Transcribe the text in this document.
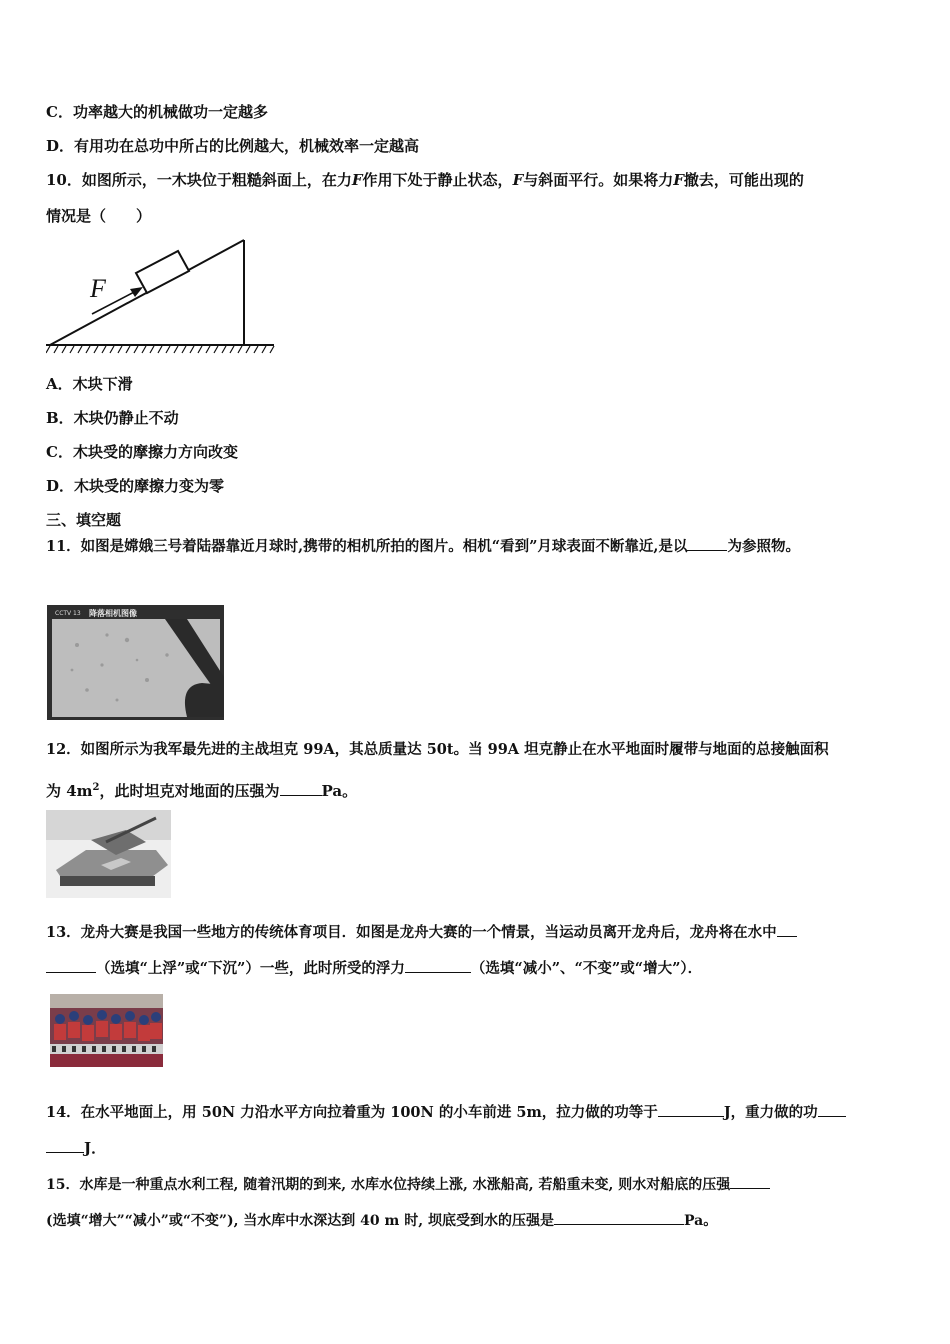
C．功率越大的机械做功一定越多
D．有用功在总功中所占的比例越大，机械效率一定越高
10．如图所示，一木块位于粗糙斜面上，在力F作用下处于静止状态，F与斜面平行。如果将力F撤去，可能出现的
情况是（　　）
F
A．木块下滑
B．木块仍静止不动
C．木块受的摩擦力方向改变
D．木块受的摩擦力变为零
三、填空题
11．如图是嫦娥三号着陆器靠近月球时,携带的相机所拍的图片。相机“看到”月球表面不断靠近,是以	为参照物。
CCTV 13 降落相机图像
12．如图所示为我军最先进的主战坦克 99A，其总质量达 50t。当 99A 坦克静止在水平地面时履带与地面的总接触面积
为 $4m^2$，此时坦克对地面的压强为	Pa。
13．龙舟大赛是我国一些地方的传统体育项目．如图是龙舟大赛的一个情景，当运动员离开龙舟后，龙舟将在水中
（选填“上浮”或“下沉”）一些，此时所受的浮力	（选填“减小”、“不变”或“增大”）．
14．在水平地面上，用 50N 力沿水平方向拉着重为 100N 的小车前进 5m，拉力做的功等于	J，重力做的功
J．
15．水库是一种重点水利工程, 随着汛期的到来, 水库水位持续上涨, 水涨船高, 若船重未变, 则水对船底的压强
(选填“增大”“减小”或“不变”), 当水库中水深达到 40 m 时, 坝底受到水的压强是	Pa。
